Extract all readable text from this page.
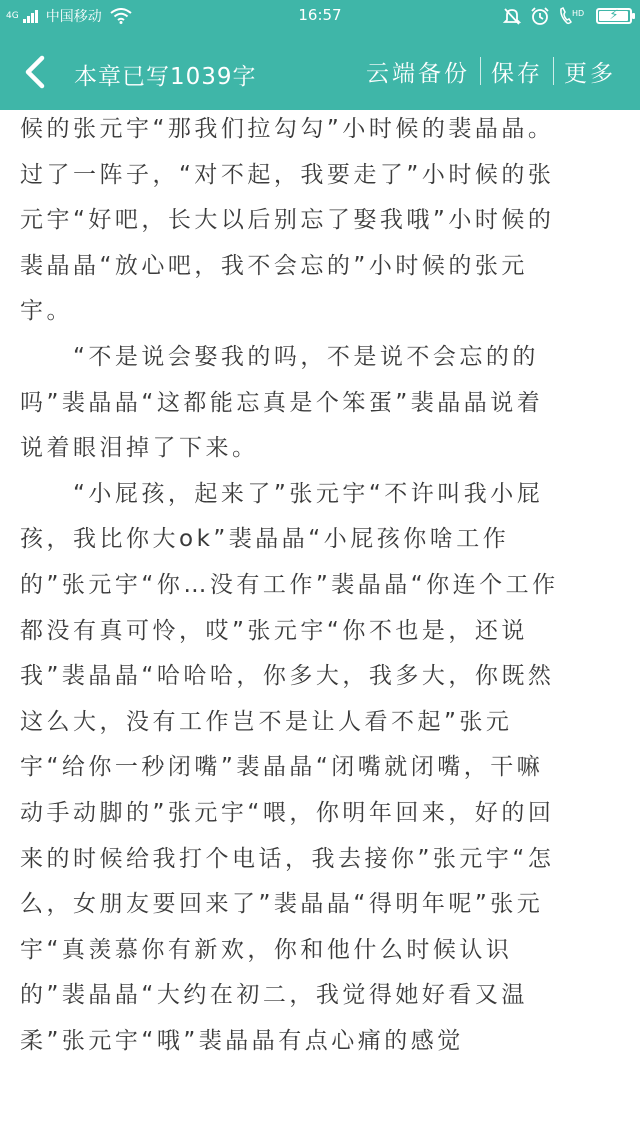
4G 中国移动	16:57	HD	⚡
本章已写1039字	云端备份 保存 更多
候的张元宇“那我们拉勾勾”小时候的裴晶晶。
过了一阵子，“对不起，我要走了”小时候的张
元宇“好吧，长大以后别忘了娶我哦”小时候的
裴晶晶“放心吧，我不会忘的”小时候的张元
宇。
　　“不是说会娶我的吗，不是说不会忘的的
吗”裴晶晶“这都能忘真是个笨蛋”裴晶晶说着
说着眼泪掉了下来。
　　“小屁孩，起来了”张元宇“不许叫我小屁
孩，我比你大ok”裴晶晶“小屁孩你啥工作
的”张元宇“你…没有工作”裴晶晶“你连个工作
都没有真可怜，哎”张元宇“你不也是，还说
我”裴晶晶“哈哈哈，你多大，我多大，你既然
这么大，没有工作岂不是让人看不起”张元
宇“给你一秒闭嘴”裴晶晶“闭嘴就闭嘴，干嘛
动手动脚的”张元宇“喂，你明年回来，好的回
来的时候给我打个电话，我去接你”张元宇“怎
么，女朋友要回来了”裴晶晶“得明年呢”张元
宇“真羡慕你有新欢，你和他什么时候认识
的”裴晶晶“大约在初二，我觉得她好看又温
柔”张元宇“哦”裴晶晶有点心痛的感觉
